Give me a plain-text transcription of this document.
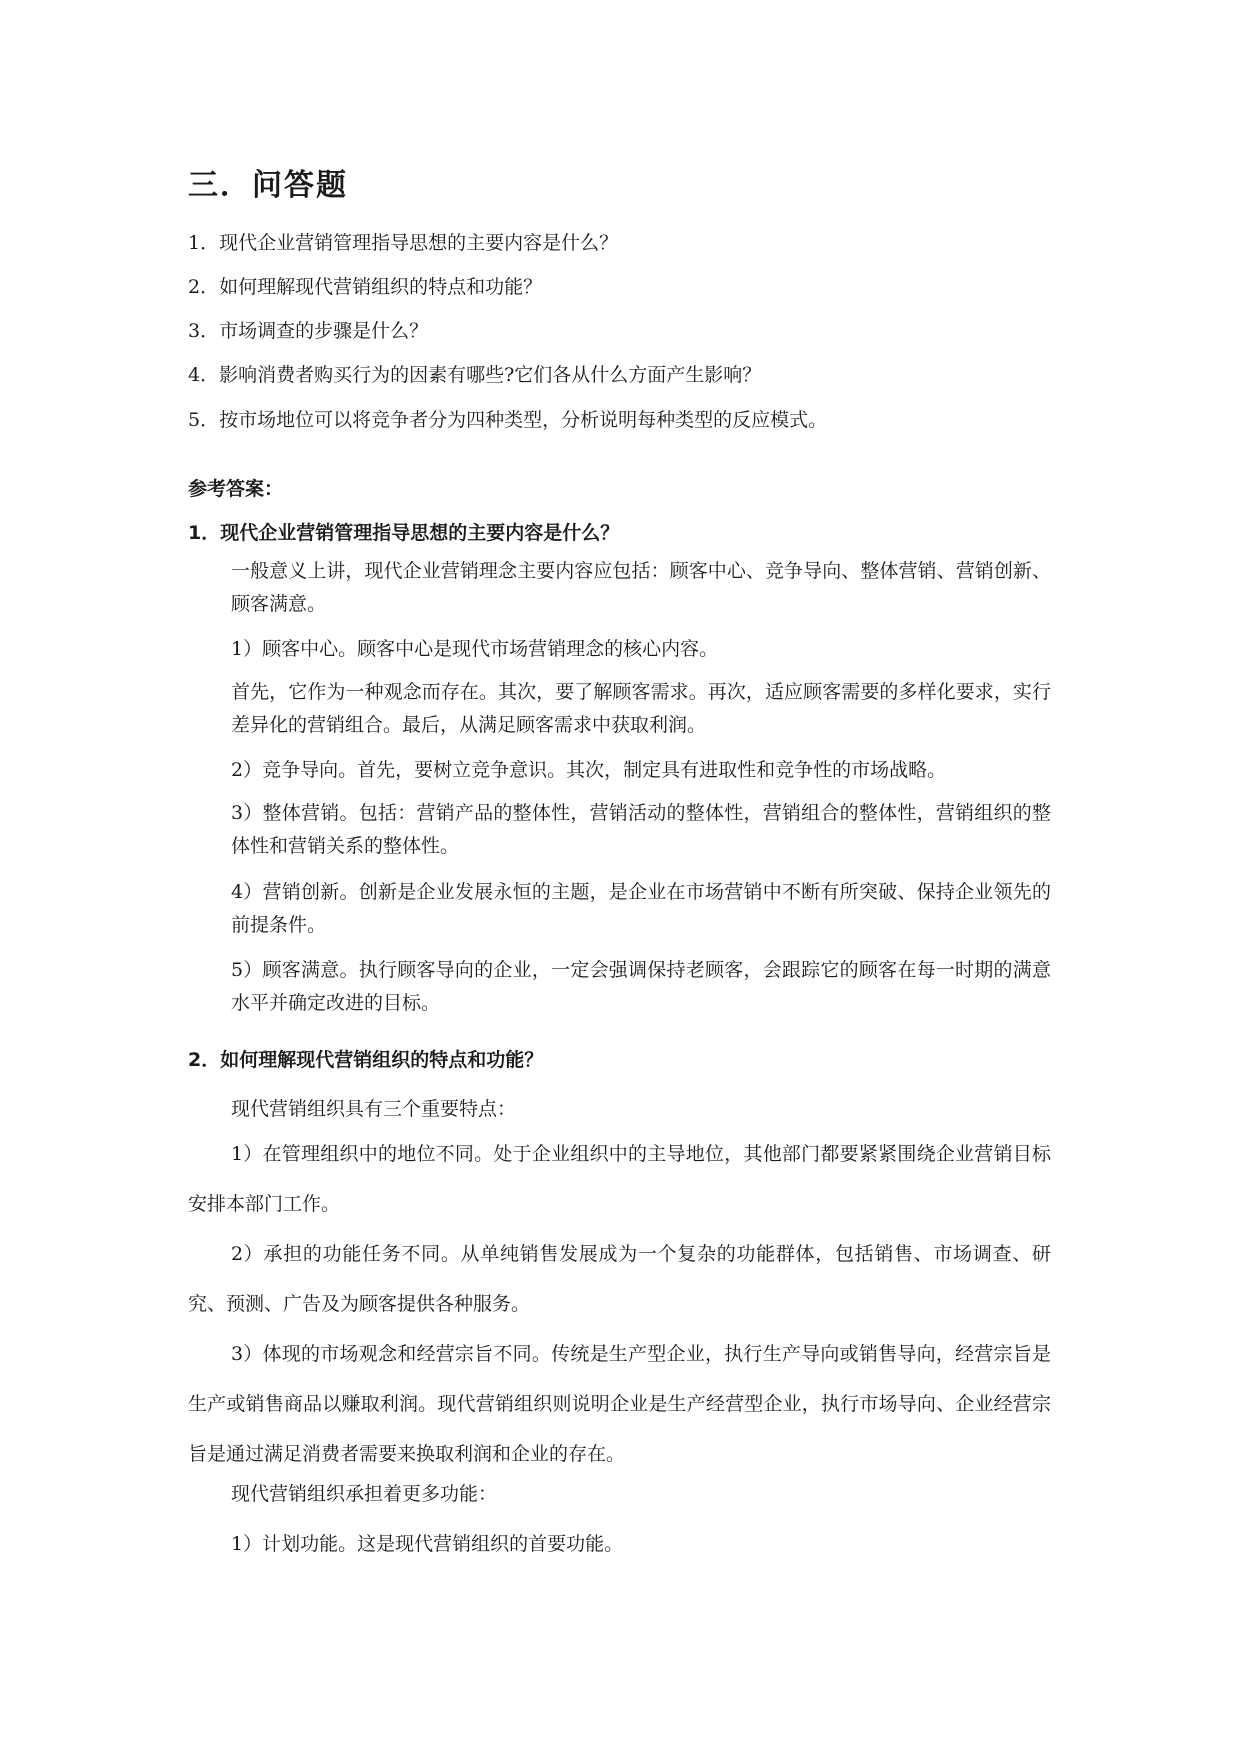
三．问答题
1．现代企业营销管理指导思想的主要内容是什么？
2．如何理解现代营销组织的特点和功能？
3．市场调查的步骤是什么？
4．影响消费者购买行为的因素有哪些?它们各从什么方面产生影响？
5．按市场地位可以将竞争者分为四种类型，分析说明每种类型的反应模式。
参考答案：
1．现代企业营销管理指导思想的主要内容是什么？
一般意义上讲，现代企业营销理念主要内容应包括：顾客中心、竞争导向、整体营销、营销创新、顾客满意。
1）顾客中心。顾客中心是现代市场营销理念的核心内容。
首先，它作为一种观念而存在。其次，要了解顾客需求。再次，适应顾客需要的多样化要求，实行差异化的营销组合。最后，从满足顾客需求中获取利润。
2）竞争导向。首先，要树立竞争意识。其次，制定具有进取性和竞争性的市场战略。
3）整体营销。包括：营销产品的整体性，营销活动的整体性，营销组合的整体性，营销组织的整体性和营销关系的整体性。
4）营销创新。创新是企业发展永恒的主题，是企业在市场营销中不断有所突破、保持企业领先的前提条件。
5）顾客满意。执行顾客导向的企业，一定会强调保持老顾客，会跟踪它的顾客在每一时期的满意水平并确定改进的目标。
2．如何理解现代营销组织的特点和功能？
现代营销组织具有三个重要特点：
1）在管理组织中的地位不同。处于企业组织中的主导地位，其他部门都要紧紧围绕企业营销目标安排本部门工作。
2）承担的功能任务不同。从单纯销售发展成为一个复杂的功能群体，包括销售、市场调查、研究、预测、广告及为顾客提供各种服务。
3）体现的市场观念和经营宗旨不同。传统是生产型企业，执行生产导向或销售导向，经营宗旨是生产或销售商品以赚取利润。现代营销组织则说明企业是生产经营型企业，执行市场导向、企业经营宗旨是通过满足消费者需要来换取利润和企业的存在。
现代营销组织承担着更多功能：
1）计划功能。这是现代营销组织的首要功能。
